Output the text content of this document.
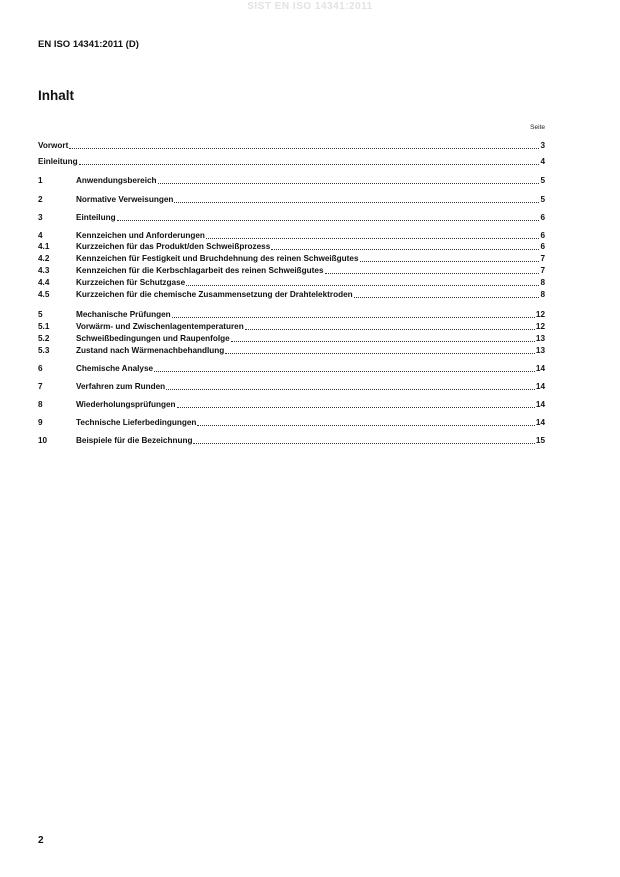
SIST EN ISO 14341:2011
EN ISO 14341:2011 (D)
Inhalt
Seite
Vorwort	3
Einleitung	4
1	Anwendungsbereich	5
2	Normative Verweisungen	5
3	Einteilung	6
4	Kennzeichen und Anforderungen	6
4.1	Kurzzeichen für das Produkt/den Schweißprozess	6
4.2	Kennzeichen für Festigkeit und Bruchdehnung des reinen Schweißgutes	7
4.3	Kennzeichen für die Kerbschlagarbeit des reinen Schweißgutes	7
4.4	Kurzzeichen für Schutzgase	8
4.5	Kurzzeichen für die chemische Zusammensetzung der Drahtelektroden	8
5	Mechanische Prüfungen	12
5.1	Vorwärm- und Zwischenlagentemperaturen	12
5.2	Schweißbedingungen und Raupenfolge	13
5.3	Zustand nach Wärmenachbehandlung	13
6	Chemische Analyse	14
7	Verfahren zum Runden	14
8	Wiederholungsprüfungen	14
9	Technische Lieferbedingungen	14
10	Beispiele für die Bezeichnung	15
2
